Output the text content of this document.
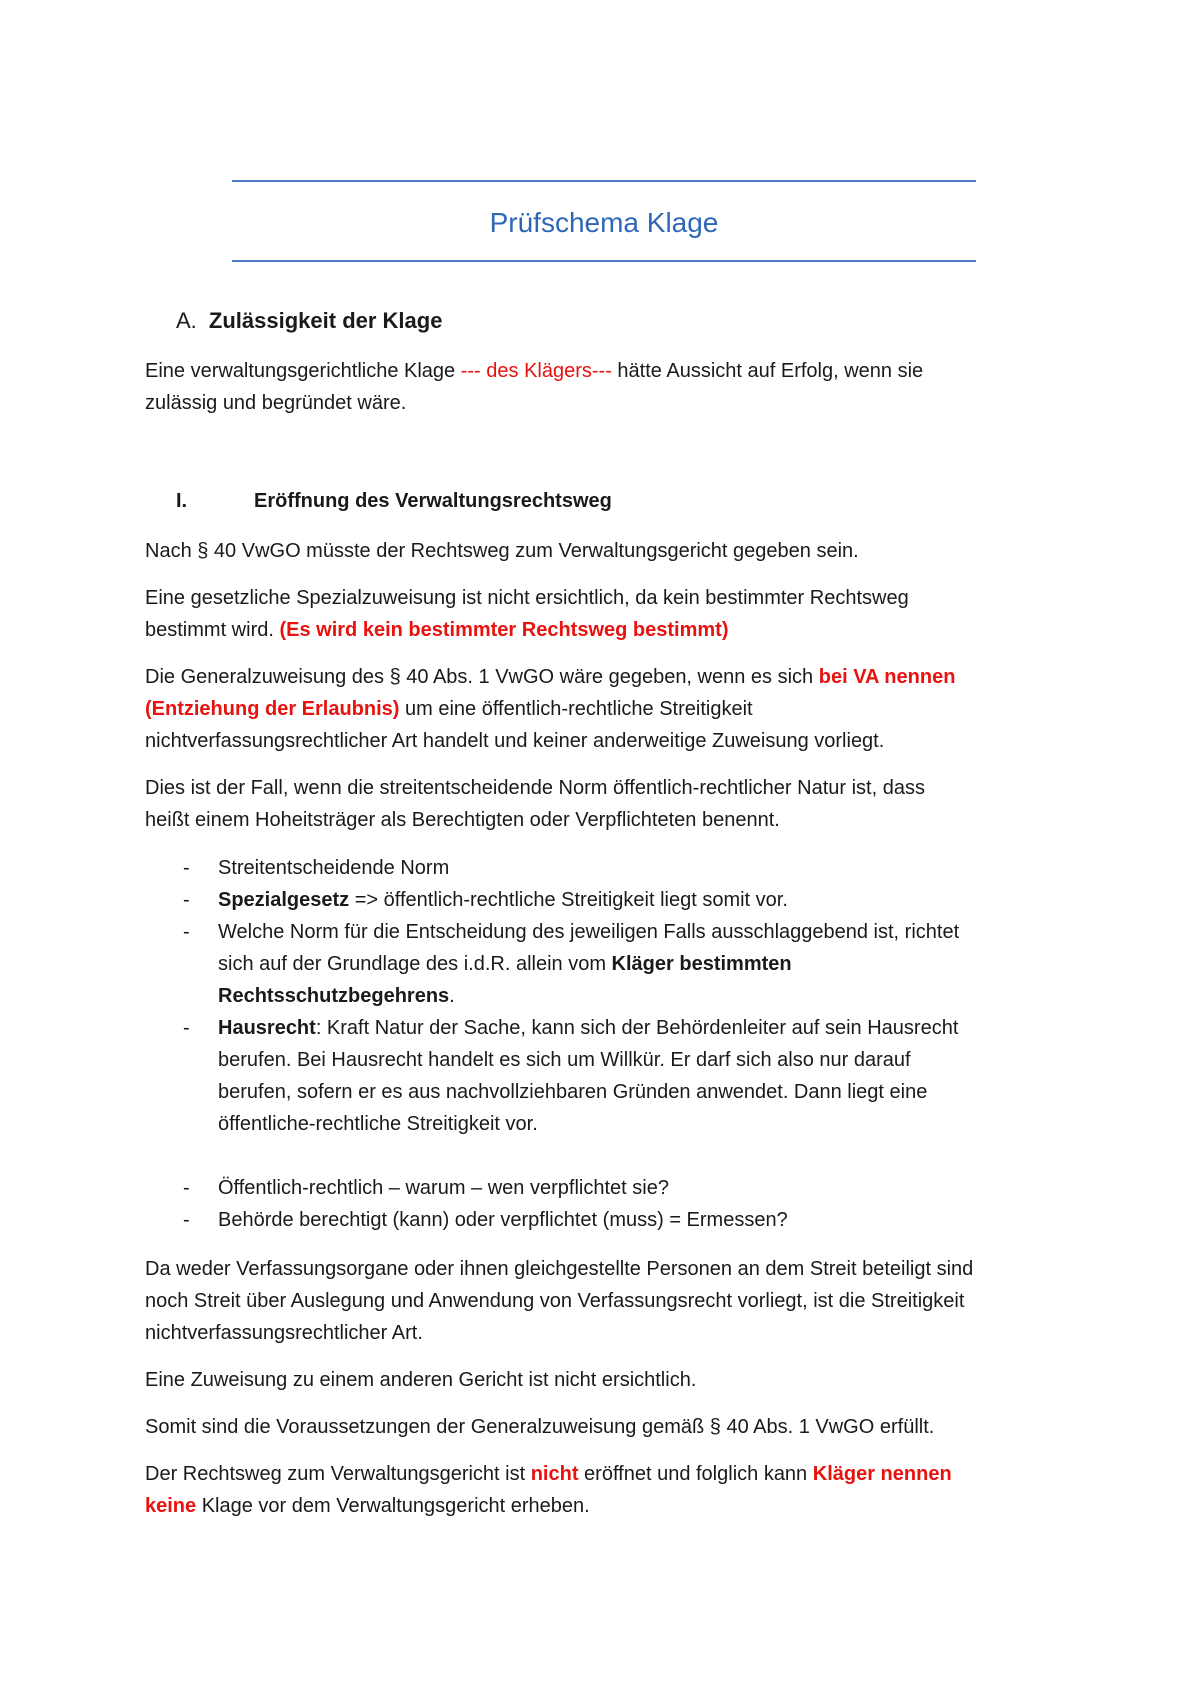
Prüfschema Klage
A. Zulässigkeit der Klage
Eine verwaltungsgerichtliche Klage --- des Klägers--- hätte Aussicht auf Erfolg, wenn sie
zulässig und begründet wäre.
I.	Eröffnung des Verwaltungsrechtsweg
Nach § 40 VwGO müsste der Rechtsweg zum Verwaltungsgericht gegeben sein.
Eine gesetzliche Spezialzuweisung ist nicht ersichtlich, da kein bestimmter Rechtsweg
bestimmt wird. (Es wird kein bestimmter Rechtsweg bestimmt)
Die Generalzuweisung des § 40 Abs. 1 VwGO wäre gegeben, wenn es sich bei VA nennen
(Entziehung der Erlaubnis) um eine öffentlich-rechtliche Streitigkeit
nichtverfassungsrechtlicher Art handelt und keiner anderweitige Zuweisung vorliegt.
Dies ist der Fall, wenn die streitentscheidende Norm öffentlich-rechtlicher Natur ist, dass
heißt einem Hoheitsträger als Berechtigten oder Verpflichteten benennt.
- Streitentscheidende Norm
- Spezialgesetz => öffentlich-rechtliche Streitigkeit liegt somit vor.
- Welche Norm für die Entscheidung des jeweiligen Falls ausschlaggebend ist, richtet
sich auf der Grundlage des i.d.R. allein vom Kläger bestimmten
Rechtsschutzbegehrens.
- Hausrecht: Kraft Natur der Sache, kann sich der Behördenleiter auf sein Hausrecht
berufen. Bei Hausrecht handelt es sich um Willkür. Er darf sich also nur darauf
berufen, sofern er es aus nachvollziehbaren Gründen anwendet. Dann liegt eine
öffentliche-rechtliche Streitigkeit vor.
- Öffentlich-rechtlich – warum – wen verpflichtet sie?
- Behörde berechtigt (kann) oder verpflichtet (muss) = Ermessen?
Da weder Verfassungsorgane oder ihnen gleichgestellte Personen an dem Streit beteiligt sind
noch Streit über Auslegung und Anwendung von Verfassungsrecht vorliegt, ist die Streitigkeit
nichtverfassungsrechtlicher Art.
Eine Zuweisung zu einem anderen Gericht ist nicht ersichtlich.
Somit sind die Voraussetzungen der Generalzuweisung gemäß § 40 Abs. 1 VwGO erfüllt.
Der Rechtsweg zum Verwaltungsgericht ist nicht eröffnet und folglich kann Kläger nennen
keine Klage vor dem Verwaltungsgericht erheben.
